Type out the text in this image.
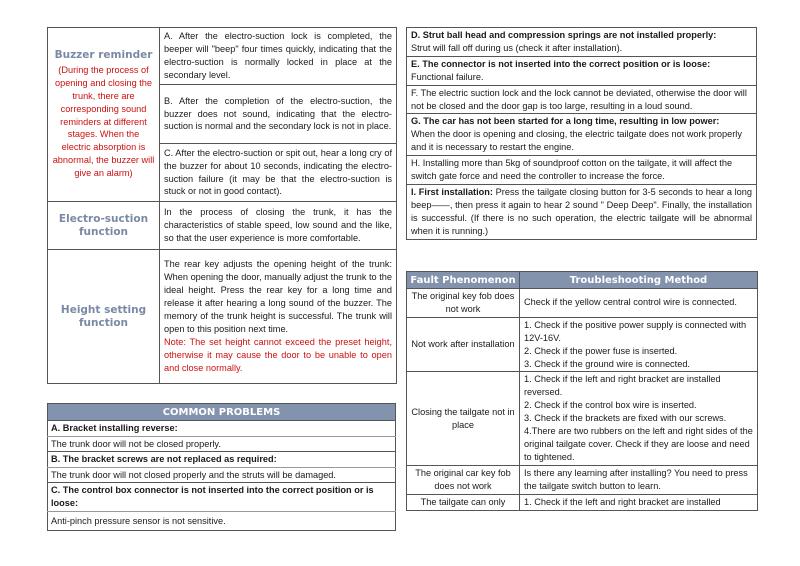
Buzzer reminder
(During the process of opening and closing the trunk, there are corresponding sound reminders at different stages. When the electric absorption is abnormal, the buzzer will give an alarm)	A. After the electro-suction lock is completed, the beeper will "beep" four times quickly, indicating that the electro-suction is normally locked in place at the secondary level.
	B. After the completion of the electro-suction, the buzzer does not sound, indicating that the electro-suction is normal and the secondary lock is not in place.
	C. After the electro-suction or spit out, hear a long cry of the buzzer for about 10 seconds, indicating the electro-suction failure (it may be that the electro-suction is stuck or not in good contact).
Electro-suction function	In the process of closing the trunk, it has the characteristics of stable speed, low sound and the like, so that the user experience is more comfortable.
Height setting function	The rear key adjusts the opening height of the trunk: When opening the door, manually adjust the trunk to the ideal height. Press the rear key for a long time and release it after hearing a long sound of the buzzer. The memory of the trunk height is successful. The trunk will open to this position next time.
Note: The set height cannot exceed the preset height, otherwise it may cause the door to be unable to open and close normally.
COMMON PROBLEMS
A. Bracket installing reverse:
The trunk door will not be closed properly.
B. The bracket screws are not replaced as required:
The trunk door will not closed properly and the struts will be damaged.
C. The control box connector is not inserted into the correct position or is loose:
Anti-pinch pressure sensor is not sensitive.
D. Strut ball head and compression springs are not installed properly:
Strut will fall off during us (check it after installation).

E. The connector is not inserted into the correct position or is loose:
Functional failure.

F. The electric suction lock and the lock cannot be deviated, otherwise the door will not be closed and the door gap is too large, resulting in a loud sound.

G. The car has not been started for a long time, resulting in low power:
When the door is opening and closing, the electric tailgate does not work properly and it is necessary to restart the engine.

H. Installing more than 5kg of soundproof cotton on the tailgate, it will affect the switch gate force and need the controller to increase the force.
I. First installation: Press the tailgate closing button for 3-5 seconds to hear a long beep——, then press it again to hear 2 sound " Deep Deep". Finally, the installation is successful. (If there is no such operation, the electric tailgate will be abnormal when it is running.)
Fault Phenomenon	Troubleshooting Method
The original key fob does not work	Check if the yellow central control wire is connected.

Not work after installation	1. Check if the positive power supply is connected with 12V-16V.
2. Check if the power fuse is inserted.
3. Check if the ground wire is connected.

Closing the tailgate not in place	1. Check if the left and right bracket are installed reversed.
2. Check if the control box wire is inserted.
3. Check if the brackets are fixed with our screws.
4.There are two rubbers on the left and right sides of the original tailgate cover. Check if they are loose and need to tightened.

The original car key fob does not work	Is there any learning after installing? You need to press the tailgate switch button to learn.

The tailgate can only	1. Check if the left and right bracket are installed
